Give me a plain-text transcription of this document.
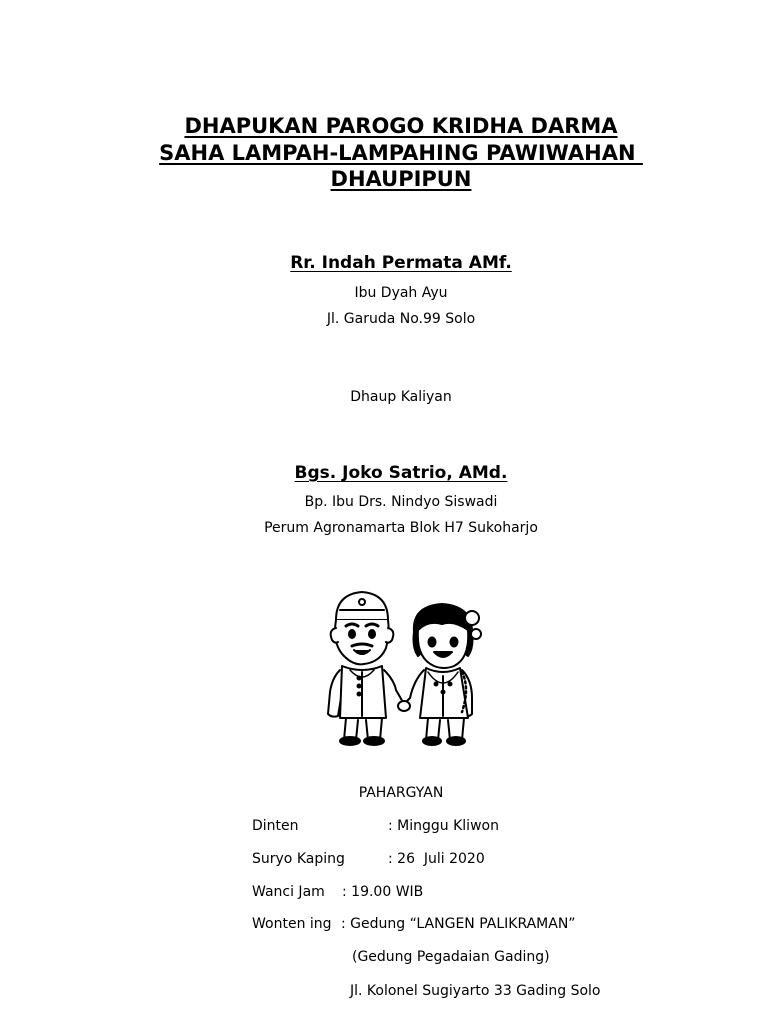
DHAPUKAN PAROGO KRIDHA DARMA
SAHA LAMPAH-LAMPAHING PAWIWAHAN
DHAUPIPUN
Rr. Indah Permata AMf.
Ibu Dyah Ayu
Jl. Garuda No.99 Solo
Dhaup Kaliyan
Bgs. Joko Satrio, AMd.
Bp. Ibu Drs. Nindyo Siswadi
Perum Agronamarta Blok H7 Sukoharjo
PAHARGYAN
Dinten	: Minggu Kliwon
Suryo Kaping	: 26  Juli 2020
Wanci Jam : 19.00 WIB
Wonten ing : Gedung “LANGEN PALIKRAMAN”
(Gedung Pegadaian Gading)
Jl. Kolonel Sugiyarto 33 Gading Solo
